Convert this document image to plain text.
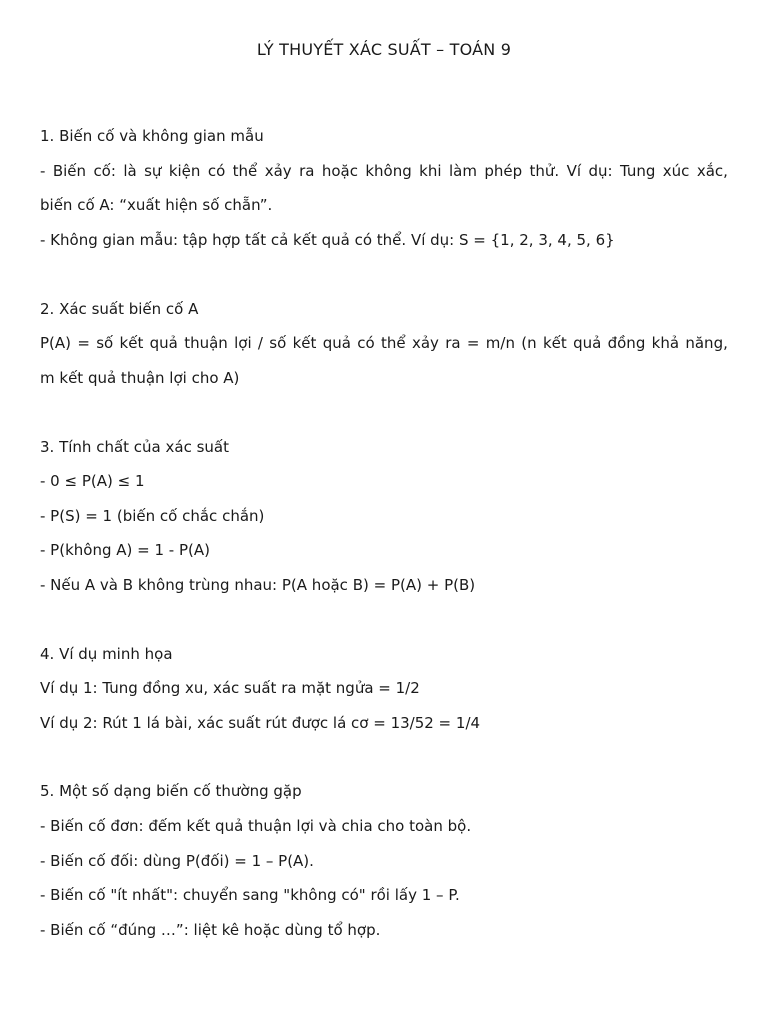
LÝ THUYẾT XÁC SUẤT – TOÁN 9
1. Biến cố và không gian mẫu
- Biến cố: là sự kiện có thể xảy ra hoặc không khi làm phép thử. Ví dụ: Tung xúc xắc,
biến cố A: “xuất hiện số chẵn”.
- Không gian mẫu: tập hợp tất cả kết quả có thể. Ví dụ: S = {1, 2, 3, 4, 5, 6}
2. Xác suất biến cố A
P(A) = số kết quả thuận lợi / số kết quả có thể xảy ra = m/n (n kết quả đồng khả năng,
m kết quả thuận lợi cho A)
3. Tính chất của xác suất
- 0 ≤ P(A) ≤ 1
- P(S) = 1 (biến cố chắc chắn)
- P(không A) = 1 - P(A)
- Nếu A và B không trùng nhau: P(A hoặc B) = P(A) + P(B)
4. Ví dụ minh họa
Ví dụ 1: Tung đồng xu, xác suất ra mặt ngửa = 1/2
Ví dụ 2: Rút 1 lá bài, xác suất rút được lá cơ = 13/52 = 1/4
5. Một số dạng biến cố thường gặp
- Biến cố đơn: đếm kết quả thuận lợi và chia cho toàn bộ.
- Biến cố đối: dùng P(đối) = 1 – P(A).
- Biến cố "ít nhất": chuyển sang "không có" rồi lấy 1 – P.
- Biến cố “đúng …”: liệt kê hoặc dùng tổ hợp.
